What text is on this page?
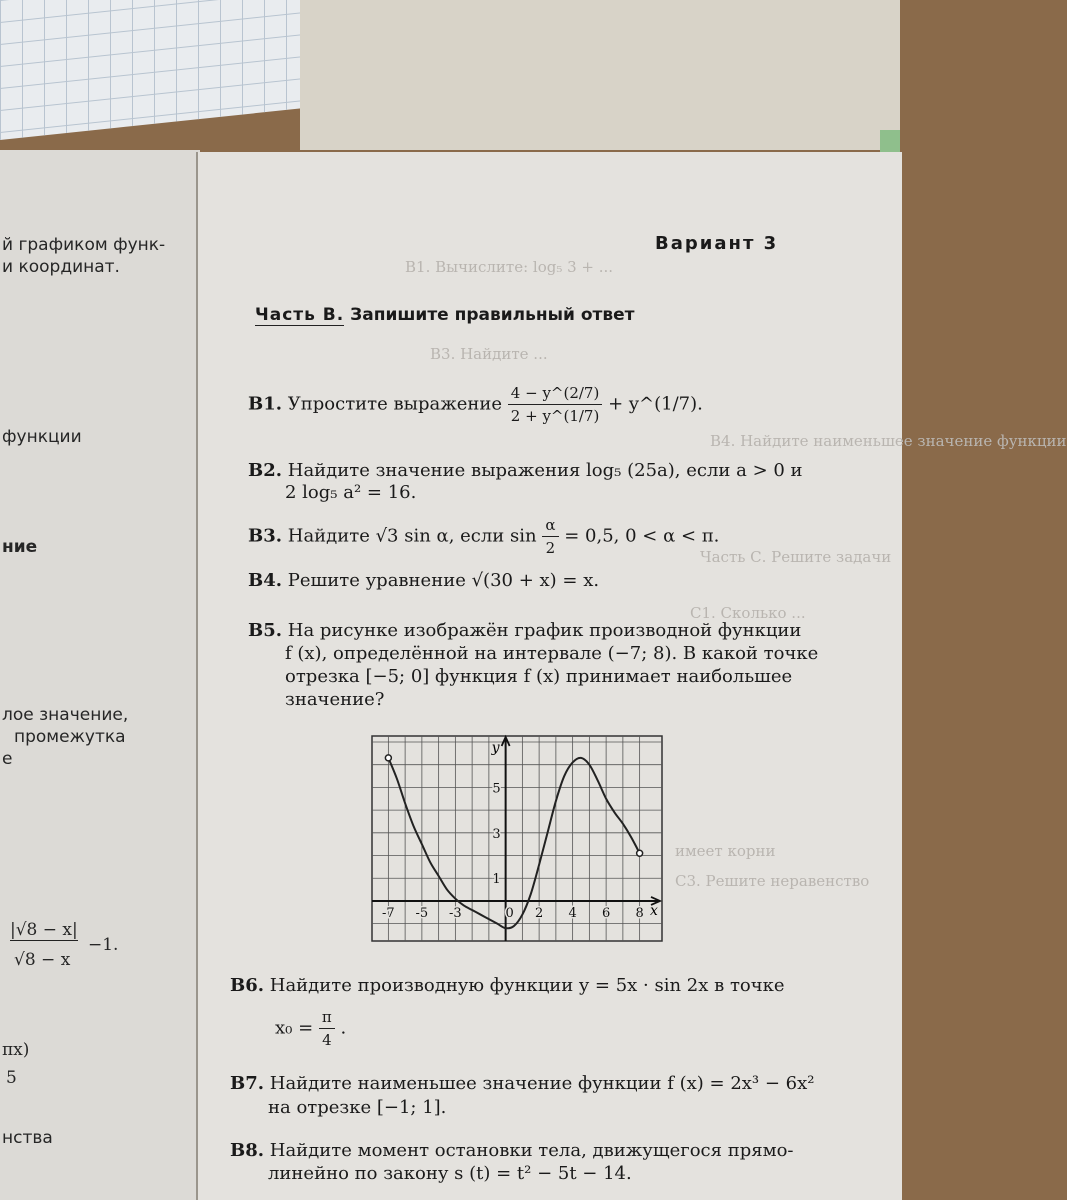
й графиком функ-
и координат.
функции
ние
лое значение,
промежутка
е
|√8 − x|
√8 − x
−1.
πx)
5
нства
В1. Вычислите: log₅ 3 + ...
В3. Найдите ...
В4. Найдите наименьшее значение функции
Часть С. Решите задачи
С1. Сколько ...
имеет корни
С3. Решите неравенство
Вариант 3
Часть В. Запишите правильный ответ
В1. Упростите выражение $\frac{4 - y\^{}(2/7)}{2 + y\^{}(1/7)}$ + y^(1/7).
В2. Найдите значение выражения log₅ (25a), если a > 0 и
2 log₅ a² = 16.
В3. Найдите √3 sin α, если $\sin \frac{\alpha}{2} = 0,5$, 0 < α < π.
В4. Решите уравнение √(30 + x) = x.
В5. На рисунке изображён график производной функции
f (x), определённой на интервале (−7; 8). В какой точке
отрезка [−5; 0] функция f (x) принимает наибольшее
значение?
-7 -5 -3	0 2 4 6 8
1
3
5
x
y
В6. Найдите производную функции y = 5x · sin 2x в точке
$x_0 = \frac{\pi}{4}$ .
В7. Найдите наименьшее значение функции f (x) = 2x³ − 6x²
на отрезке [−1; 1].
В8. Найдите момент остановки тела, движущегося прямо-
линейно по закону s (t) = t² − 5t − 14.
